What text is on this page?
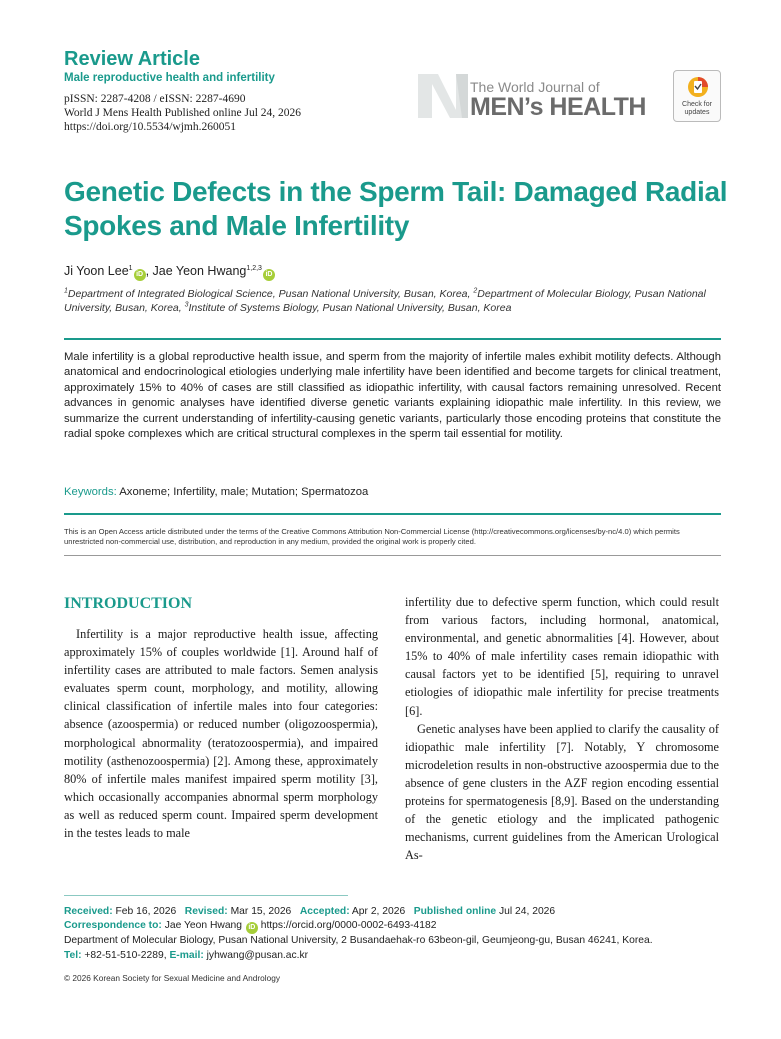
Review Article
Male reproductive health and infertility
pISSN: 2287-4208 / eISSN: 2287-4690
World J Mens Health Published online Jul 24, 2026
https://doi.org/10.5534/wjmh.260051
The World Journal of
MEN’s HEALTH	Check for updates
Genetic Defects in the Sperm Tail: Damaged Radial Spokes and Male Infertility
Ji Yoon Lee$^1$iD , Jae Yeon Hwang$^{1,2,3}$iD
$^1$Department of Integrated Biological Science, Pusan National University, Busan, Korea, $^2$Department of Molecular Biology, Pusan National University, Busan, Korea, $^3$Institute of Systems Biology, Pusan National University, Busan, Korea
Male infertility is a global reproductive health issue, and sperm from the majority of infertile males exhibit motility defects. Although anatomical and endocrinological etiologies underlying male infertility have been identified and become targets for clinical treatment, approximately 15% to 40% of cases are still classified as idiopathic infertility, with causal factors remaining unresolved. Recent advances in genomic analyses have identified diverse genetic variants explaining idiopathic male infertility. In this review, we summarize the current understanding of infertility-causing genetic variants, particularly those encoding proteins that constitute the radial spoke complexes which are critical structural complexes in the sperm tail essential for motility.
Keywords: Axoneme; Infertility, male; Mutation; Spermatozoa
This is an Open Access article distributed under the terms of the Creative Commons Attribution Non-Commercial License (http://creativecommons.org/licenses/by-nc/4.0) which permits unrestricted non-commercial use, distribution, and reproduction in any medium, provided the original work is properly cited.
INTRODUCTION

Infertility is a major reproductive health issue, affecting approximately 15% of couples worldwide [1]. Around half of infertility cases are attributed to male factors. Semen analysis evaluates sperm count, morphology, and motility, allowing clinical classification of infertile males into four categories: absence (azoospermia) or reduced number (oligozoospermia), morphological abnormality (teratozoospermia), and impaired motility (asthenozoospermia) [2]. Among these, approximately 80% of infertile males manifest impaired sperm motility [3], which occasionally accompanies abnormal sperm morphology as well as reduced sperm count. Impaired sperm development in the testes leads to male

infertility due to defective sperm function, which could result from various factors, including hormonal, anatomical, environmental, and genetic abnormalities [4]. However, about 15% to 40% of male infertility cases remain idiopathic with causal factors yet to be identified [5], requiring to unravel etiologies of idiopathic male infertility for precise treatments [6].

Genetic analyses have been applied to clarify the causality of idiopathic male infertility [7]. Notably, Y chromosome microdeletion results in non-obstructive azoospermia due to the absence of gene clusters in the AZF region encoding essential proteins for spermatogenesis [8,9]. Based on the understanding of the genetic etiology and the implicated pathogenic mechanisms, current guidelines from the American Urological As-

Received: Feb 16, 2026   Revised: Mar 15, 2026   Accepted: Apr 2, 2026   Published online Jul 24, 2026
Correspondence to: Jae Yeon Hwang iD https://orcid.org/0000-0002-6493-4182
Department of Molecular Biology, Pusan National University, 2 Busandaehak-ro 63beon-gil, Geumjeong-gu, Busan 46241, Korea.
Tel: +82-51-510-2289, E-mail: jyhwang@pusan.ac.kr
© 2026 Korean Society for Sexual Medicine and Andrology
